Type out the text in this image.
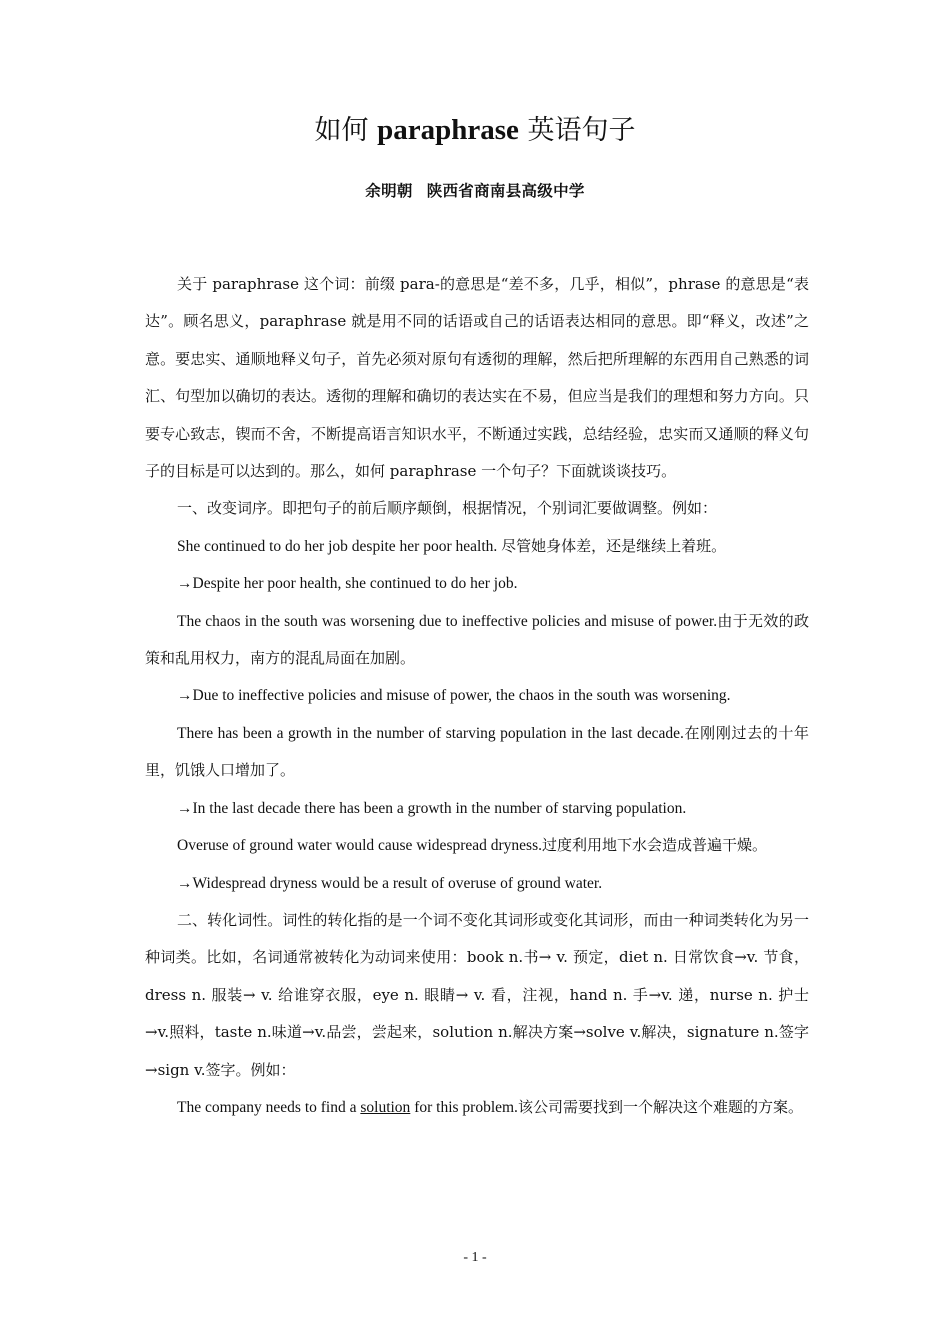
如何 paraphrase 英语句子
余明朝 陕西省商南县高级中学

关于 paraphrase 这个词：前缀 para-的意思是“差不多，几乎，相似”，phrase 的意思是“表达”。顾名思义，paraphrase 就是用不同的话语或自己的话语表达相同的意思。即“释义，改述”之意。要忠实、通顺地释义句子，首先必须对原句有透彻的理解，然后把所理解的东西用自己熟悉的词汇、句型加以确切的表达。透彻的理解和确切的表达实在不易，但应当是我们的理想和努力方向。只要专心致志，锲而不舍，不断提高语言知识水平，不断通过实践，总结经验，忠实而又通顺的释义句子的目标是可以达到的。那么，如何 paraphrase 一个句子？下面就谈谈技巧。

一、改变词序。即把句子的前后顺序颠倒，根据情况，个别词汇要做调整。例如：

She continued to do her job despite her poor health. 尽管她身体差，还是继续上着班。

→Despite her poor health, she continued to do her job.

The chaos in the south was worsening due to ineffective policies and misuse of power.由于无效的政策和乱用权力，南方的混乱局面在加剧。

→Due to ineffective policies and misuse of power, the chaos in the south was worsening.

There has been a growth in the number of starving population in the last decade.在刚刚过去的十年里，饥饿人口增加了。

→In the last decade there has been a growth in the number of starving population.

Overuse of ground water would cause widespread dryness.过度利用地下水会造成普遍干燥。

→Widespread dryness would be a result of overuse of ground water.

二、转化词性。词性的转化指的是一个词不变化其词形或变化其词形，而由一种词类转化为另一种词类。比如，名词通常被转化为动词来使用：book n.书→ v. 预定，diet n. 日常饮食→v. 节食，dress n. 服装→ v. 给谁穿衣服，eye n. 眼睛→ v. 看，注视，hand n. 手→v. 递，nurse n. 护士→v.照料，taste n.味道→v.品尝，尝起来，solution n.解决方案→solve v.解决，signature n.签字→sign v.签字。例如：

The company needs to find a solution for this problem.该公司需要找到一个解决这个难题的方案。

- 1 -
